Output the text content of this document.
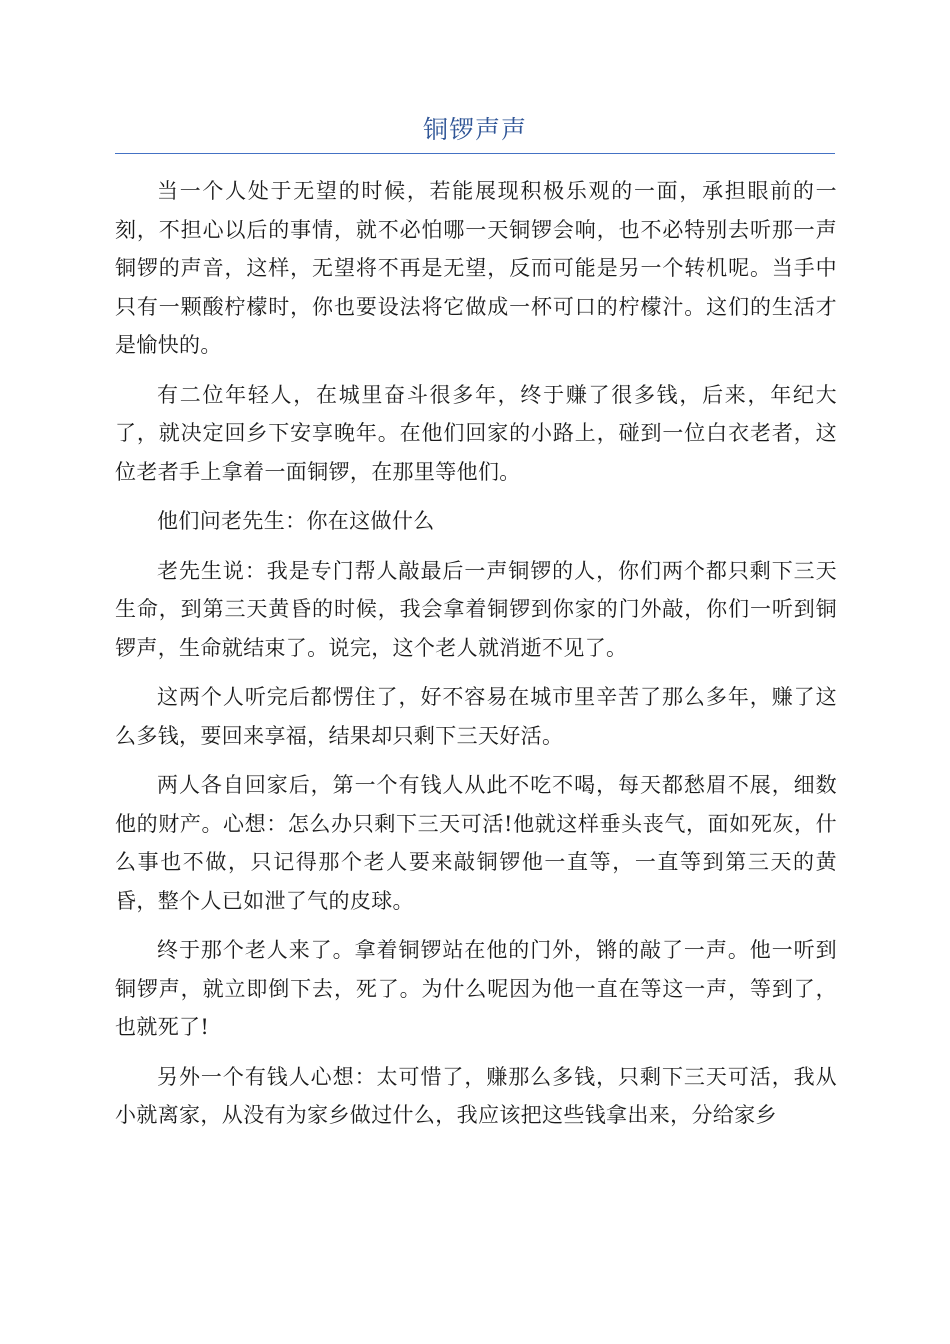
铜锣声声

当一个人处于无望的时候，若能展现积极乐观的一面，承担眼前的一刻，不担心以后的事情，就不必怕哪一天铜锣会响，也不必特别去听那一声铜锣的声音，这样，无望将不再是无望，反而可能是另一个转机呢。当手中只有一颗酸柠檬时，你也要设法将它做成一杯可口的柠檬汁。这们的生活才是愉快的。

有二位年轻人，在城里奋斗很多年，终于赚了很多钱，后来，年纪大了，就决定回乡下安享晚年。在他们回家的小路上，碰到一位白衣老者，这位老者手上拿着一面铜锣，在那里等他们。

他们问老先生：你在这做什么

老先生说：我是专门帮人敲最后一声铜锣的人，你们两个都只剩下三天生命，到第三天黄昏的时候，我会拿着铜锣到你家的门外敲，你们一听到铜锣声，生命就结束了。说完，这个老人就消逝不见了。

这两个人听完后都愣住了，好不容易在城市里辛苦了那么多年，赚了这么多钱，要回来享福，结果却只剩下三天好活。

两人各自回家后，第一个有钱人从此不吃不喝，每天都愁眉不展，细数他的财产。心想：怎么办只剩下三天可活!他就这样垂头丧气，面如死灰，什么事也不做，只记得那个老人要来敲铜锣他一直等，一直等到第三天的黄昏，整个人已如泄了气的皮球。

终于那个老人来了。拿着铜锣站在他的门外，锵的敲了一声。他一听到铜锣声，就立即倒下去，死了。为什么呢因为他一直在等这一声，等到了，也就死了!

另外一个有钱人心想：太可惜了，赚那么多钱，只剩下三天可活，我从小就离家，从没有为家乡做过什么，我应该把这些钱拿出来，分给家乡
